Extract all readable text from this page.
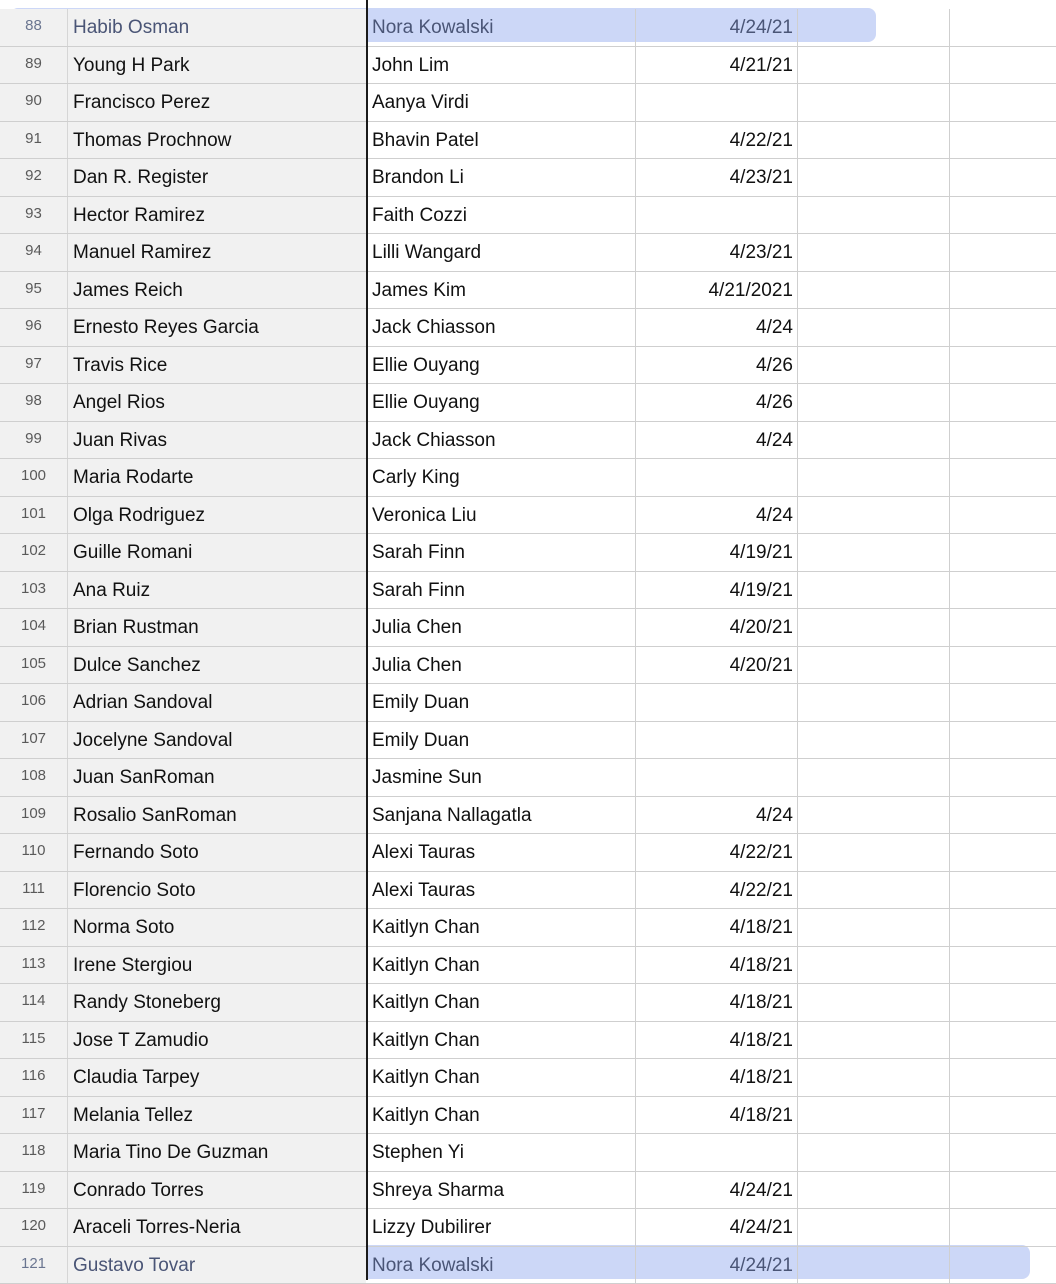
88	Habib Osman	Nora Kowalski	4/24/21
89	Young H Park	John Lim	4/21/21
90	Francisco Perez	Aanya Virdi
91	Thomas Prochnow	Bhavin Patel	4/22/21
92	Dan R. Register	Brandon Li	4/23/21
93	Hector Ramirez	Faith Cozzi
94	Manuel Ramirez	Lilli Wangard	4/23/21
95	James Reich	James Kim	4/21/2021
96	Ernesto Reyes Garcia	Jack Chiasson	4/24
97	Travis Rice	Ellie Ouyang	4/26
98	Angel Rios	Ellie Ouyang	4/26
99	Juan Rivas	Jack Chiasson	4/24
100	Maria Rodarte	Carly King
101	Olga Rodriguez	Veronica Liu	4/24
102	Guille Romani	Sarah Finn	4/19/21
103	Ana Ruiz	Sarah Finn	4/19/21
104	Brian Rustman	Julia Chen	4/20/21
105	Dulce Sanchez	Julia Chen	4/20/21
106	Adrian Sandoval	Emily Duan
107	Jocelyne Sandoval	Emily Duan
108	Juan SanRoman	Jasmine Sun
109	Rosalio SanRoman	Sanjana Nallagatla	4/24
110	Fernando Soto	Alexi Tauras	4/22/21
111	Florencio Soto	Alexi Tauras	4/22/21
112	Norma Soto	Kaitlyn Chan	4/18/21
113	Irene Stergiou	Kaitlyn Chan	4/18/21
114	Randy Stoneberg	Kaitlyn Chan	4/18/21
115	Jose T Zamudio	Kaitlyn Chan	4/18/21
116	Claudia Tarpey	Kaitlyn Chan	4/18/21
117	Melania Tellez	Kaitlyn Chan	4/18/21
118	Maria Tino De Guzman	Stephen Yi
119	Conrado Torres	Shreya Sharma	4/24/21
120	Araceli Torres-Neria	Lizzy Dubilirer	4/24/21
121	Gustavo Tovar	Nora Kowalski	4/24/21
